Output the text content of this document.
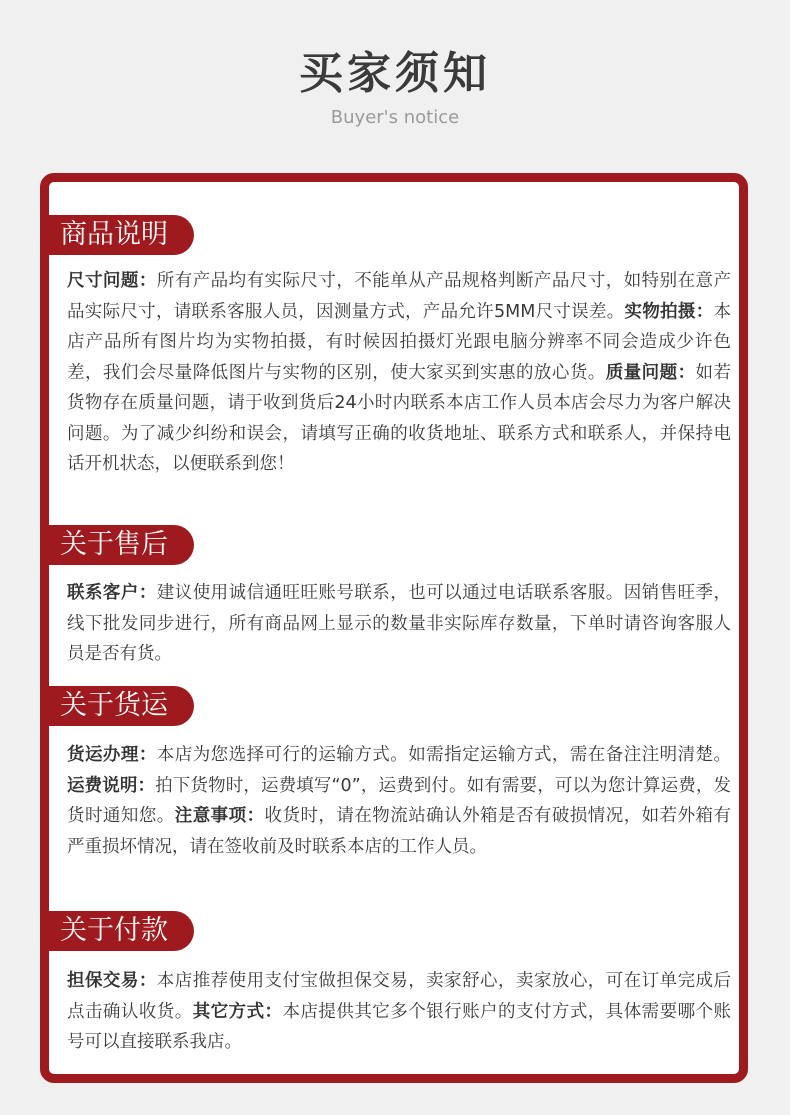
买家须知
Buyer's notice
商品说明
尺寸问题：所有产品均有实际尺寸，不能单从产品规格判断产品尺寸，如特别在意产品实际尺寸，请联系客服人员，因测量方式，产品允许5MM尺寸误差。实物拍摄：本店产品所有图片均为实物拍摄，有时候因拍摄灯光跟电脑分辨率不同会造成少许色差，我们会尽量降低图片与实物的区别，使大家买到实惠的放心货。质量问题：如若货物存在质量问题，请于收到货后24小时内联系本店工作人员本店会尽力为客户解决问题。为了减少纠纷和误会，请填写正确的收货地址、联系方式和联系人，并保持电话开机状态，以便联系到您！
关于售后
联系客户：建议使用诚信通旺旺账号联系，也可以通过电话联系客服。因销售旺季，线下批发同步进行，所有商品网上显示的数量非实际库存数量，下单时请咨询客服人员是否有货。
关于货运
货运办理：本店为您选择可行的运输方式。如需指定运输方式，需在备注注明清楚。运费说明：拍下货物时，运费填写“0”，运费到付。如有需要，可以为您计算运费，发货时通知您。注意事项：收货时，请在物流站确认外箱是否有破损情况，如若外箱有严重损坏情况，请在签收前及时联系本店的工作人员。
关于付款
担保交易：本店推荐使用支付宝做担保交易，卖家舒心，卖家放心，可在订单完成后点击确认收货。其它方式：本店提供其它多个银行账户的支付方式，具体需要哪个账号可以直接联系我店。
